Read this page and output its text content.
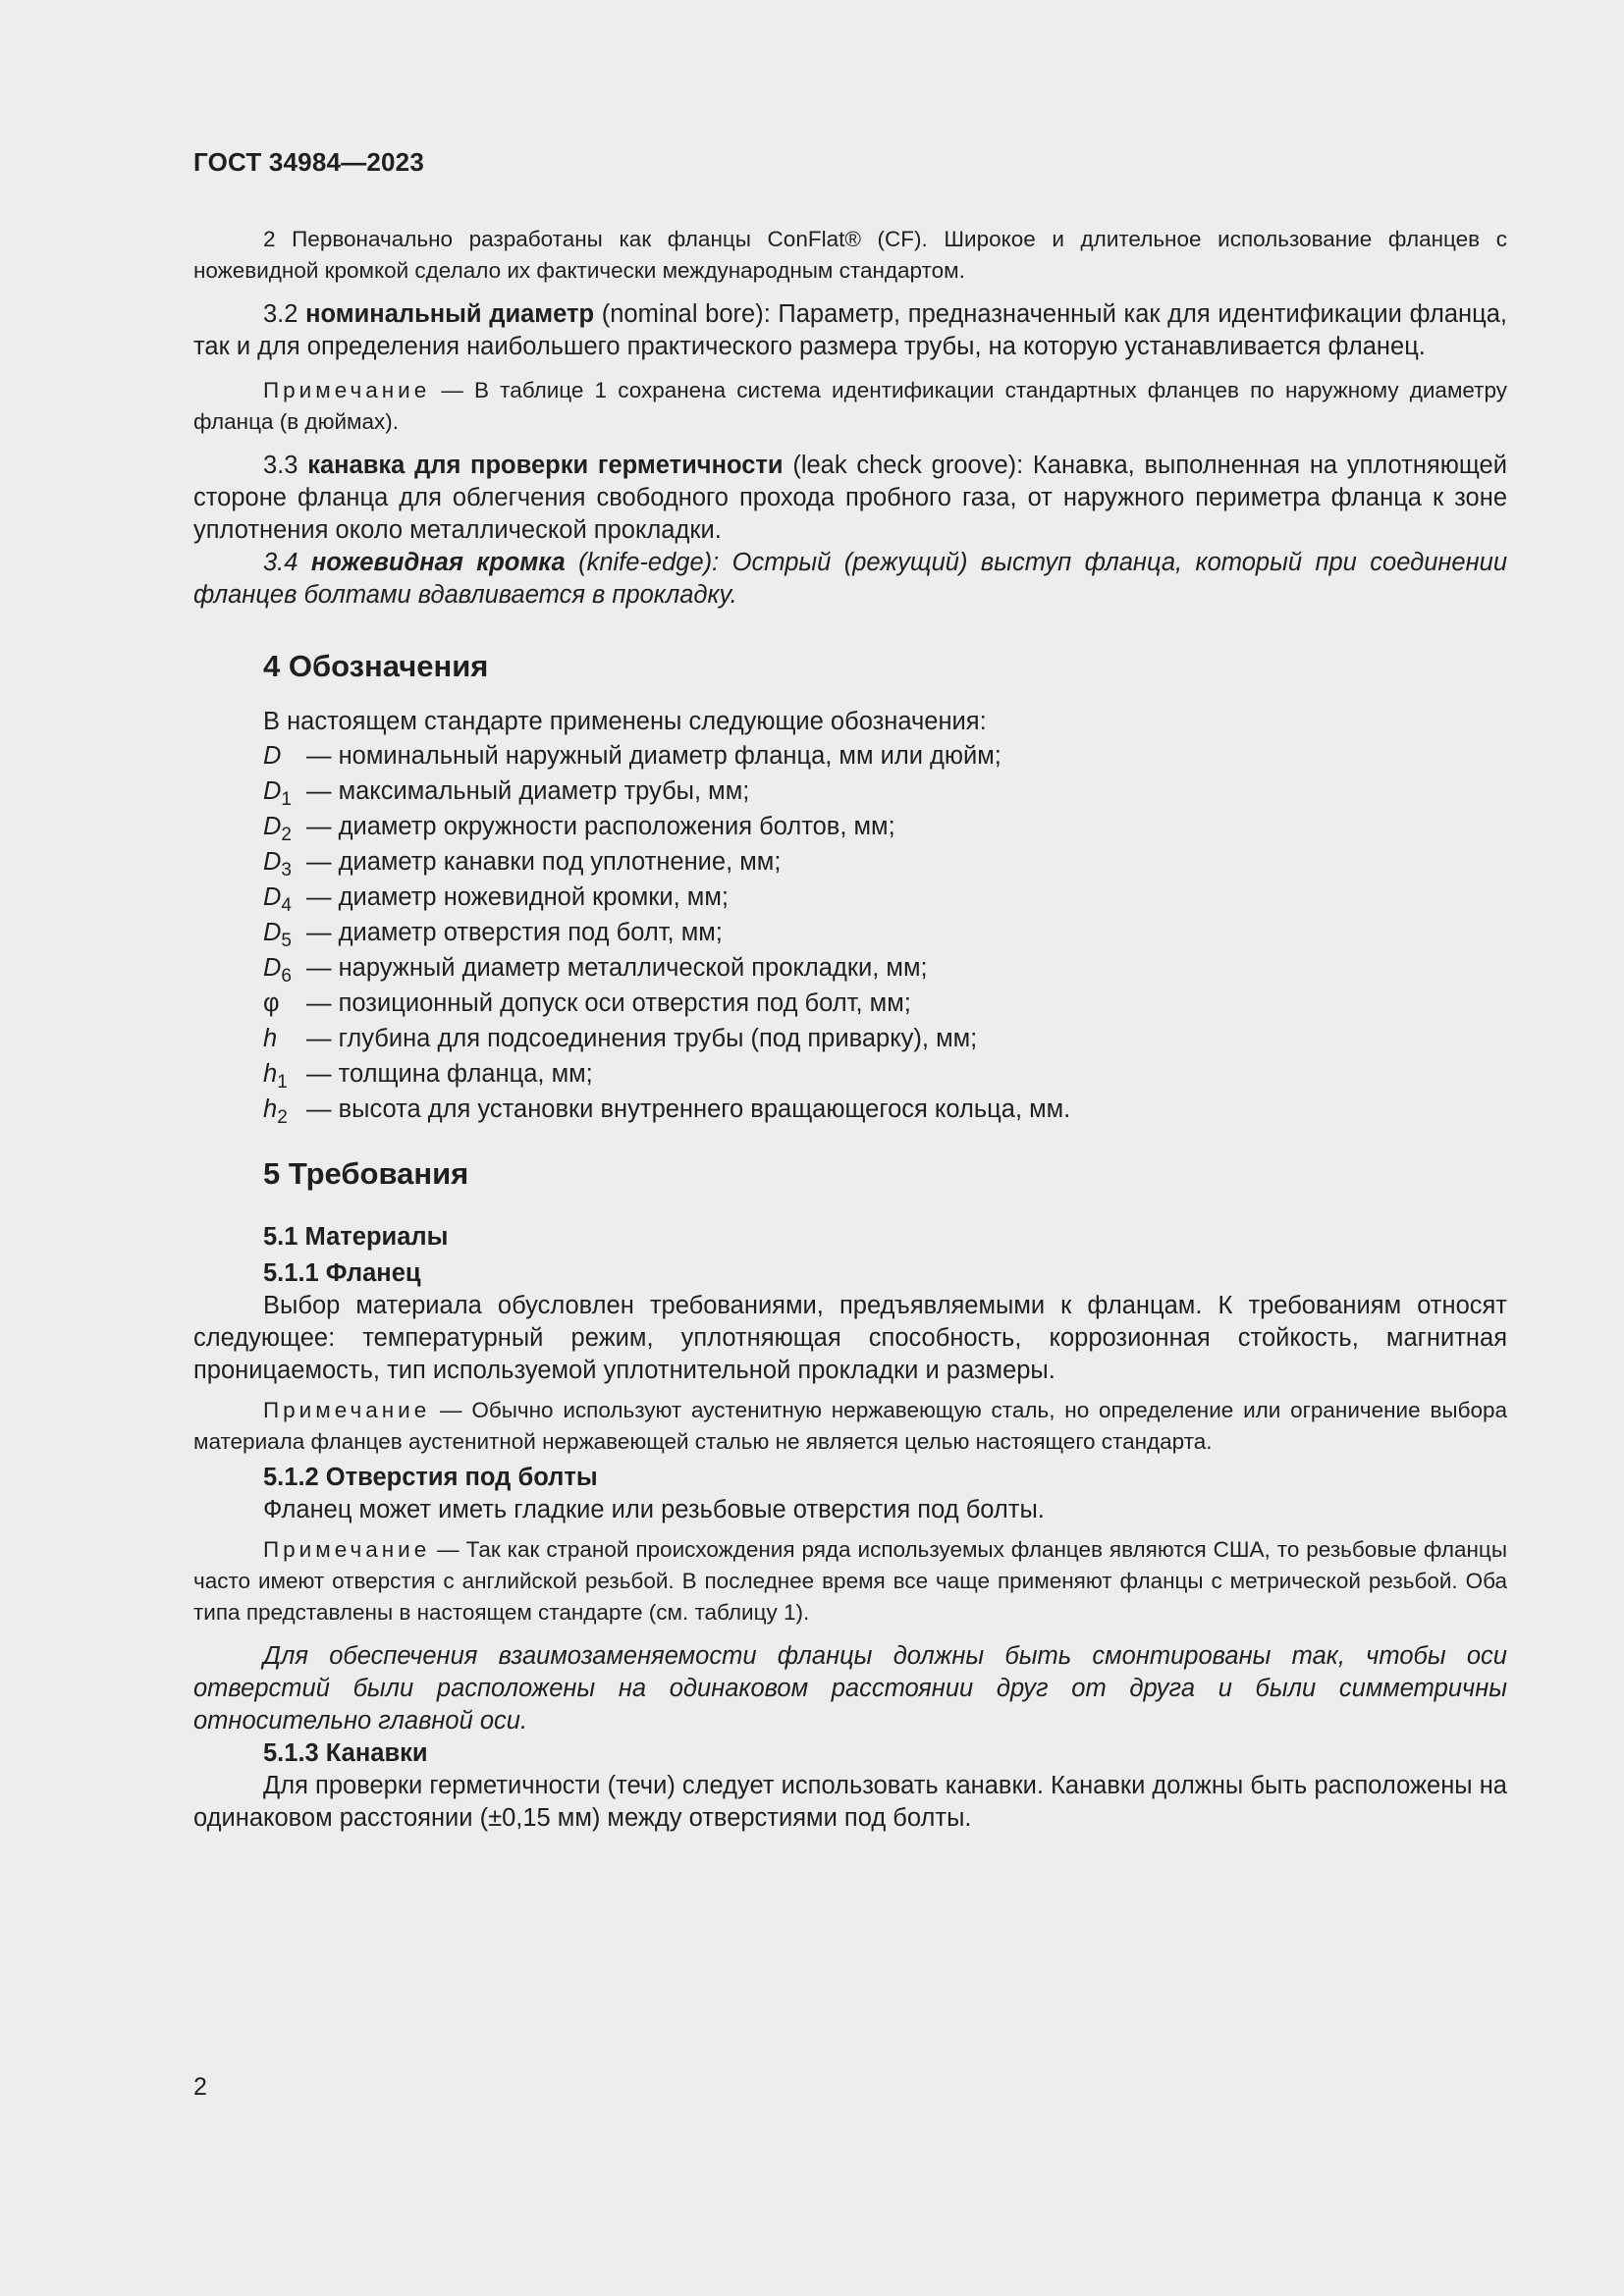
ГОСТ 34984—2023

2 Первоначально разработаны как фланцы ConFlat® (CF). Широкое и длительное использование фланцев с ножевидной кромкой сделало их фактически международным стандартом.

3.2 номинальный диаметр (nominal bore): Параметр, предназначенный как для идентификации фланца, так и для определения наибольшего практического размера трубы, на которую устанавливается фланец.

Примечание — В таблице 1 сохранена система идентификации стандартных фланцев по наружному диаметру фланца (в дюймах).

3.3 канавка для проверки герметичности (leak check groove): Канавка, выполненная на уплотняющей стороне фланца для облегчения свободного прохода пробного газа, от наружного периметра фланца к зоне уплотнения около металлической прокладки.

3.4 ножевидная кромка (knife-edge): Острый (режущий) выступ фланца, который при соединении фланцев болтами вдавливается в прокладку.

4 Обозначения

В настоящем стандарте применены следующие обозначения:

D	— номинальный наружный диаметр фланца, мм или дюйм;
$D_1$ — максимальный диаметр трубы, мм;
$D_2$ — диаметр окружности расположения болтов, мм;
$D_3$ — диаметр канавки под уплотнение, мм;
$D_4$ — диаметр ножевидной кромки, мм;
$D_5$ — диаметр отверстия под болт, мм;
$D_6$ — наружный диаметр металлической прокладки, мм;
φ	— позиционный допуск оси отверстия под болт, мм;
h	— глубина для подсоединения трубы (под приварку), мм;
$h_1$ — толщина фланца, мм;
$h_2$ — высота для установки внутреннего вращающегося кольца, мм.
5 Требования
5.1 Материалы
5.1.1 Фланец

Выбор материала обусловлен требованиями, предъявляемыми к фланцам. К требованиям относят следующее: температурный режим, уплотняющая способность, коррозионная стойкость, магнитная проницаемость, тип используемой уплотнительной прокладки и размеры.

Примечание — Обычно используют аустенитную нержавеющую сталь, но определение или ограничение выбора материала фланцев аустенитной нержавеющей сталью не является целью настоящего стандарта.

5.1.2 Отверстия под болты

Фланец может иметь гладкие или резьбовые отверстия под болты.

Примечание — Так как страной происхождения ряда используемых фланцев являются США, то резьбовые фланцы часто имеют отверстия с английской резьбой. В последнее время все чаще применяют фланцы с метрической резьбой. Оба типа представлены в настоящем стандарте (см. таблицу 1).

Для обеспечения взаимозаменяемости фланцы должны быть смонтированы так, чтобы оси отверстий были расположены на одинаковом расстоянии друг от друга и были симметричны относительно главной оси.

5.1.3 Канавки

Для проверки герметичности (течи) следует использовать канавки. Канавки должны быть расположены на одинаковом расстоянии (±0,15 мм) между отверстиями под болты.

2
